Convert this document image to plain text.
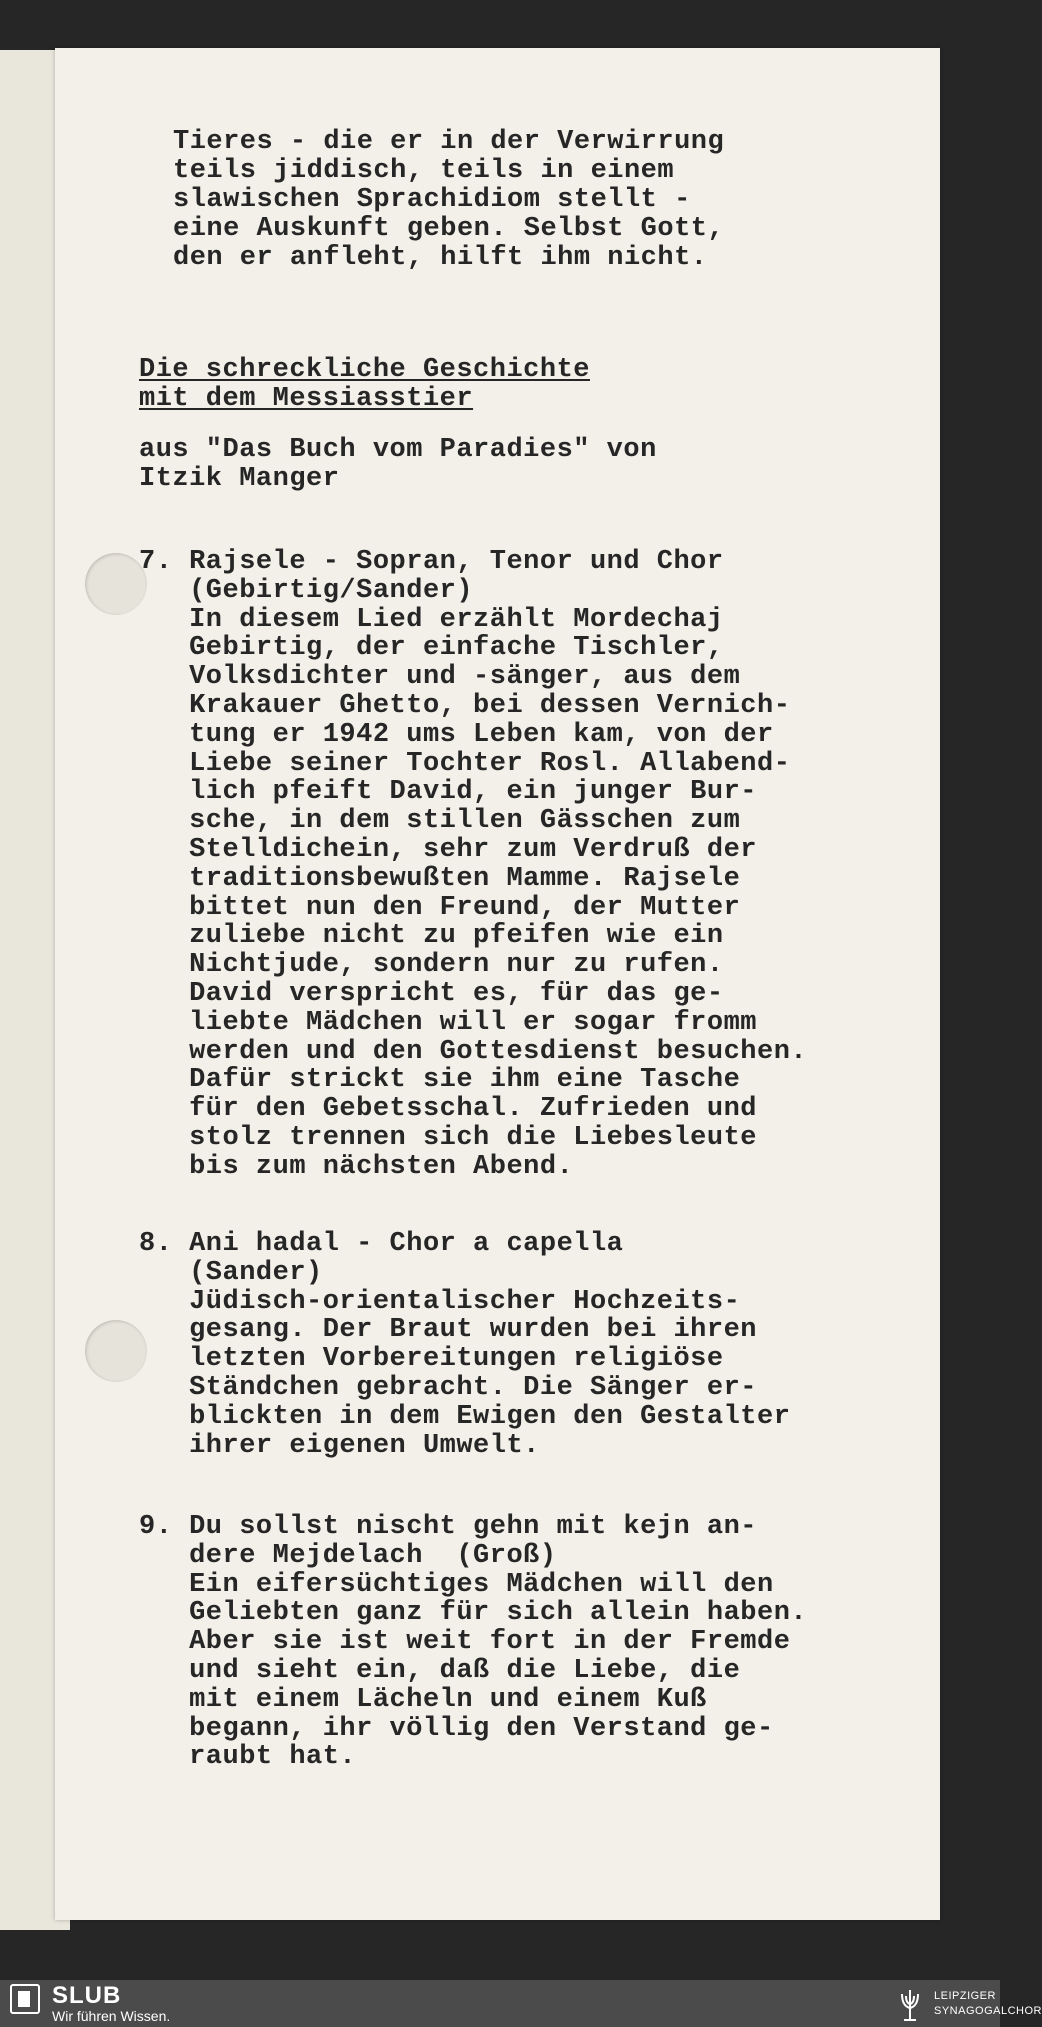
Tieres - die er in der Verwirrung
teils jiddisch, teils in einem
slawischen Sprachidiom stellt -
eine Auskunft geben. Selbst Gott,
den er anfleht, hilft ihm nicht.
Die schreckliche Geschichte
mit dem Messiasstier
aus "Das Buch vom Paradies" von
Itzik Manger
7. Rajsele - Sopran, Tenor und Chor
(Gebirtig/Sander)
In diesem Lied erzählt Mordechaj
Gebirtig, der einfache Tischler,
Volksdichter und -sänger, aus dem
Krakauer Ghetto, bei dessen Vernich-
tung er 1942 ums Leben kam, von der
Liebe seiner Tochter Rosl. Allabend-
lich pfeift David, ein junger Bur-
sche, in dem stillen Gässchen zum
Stelldichein, sehr zum Verdruß der
traditionsbewußten Mamme. Rajsele
bittet nun den Freund, der Mutter
zuliebe nicht zu pfeifen wie ein
Nichtjude, sondern nur zu rufen.
David verspricht es, für das ge-
liebte Mädchen will er sogar fromm
werden und den Gottesdienst besuchen.
Dafür strickt sie ihm eine Tasche
für den Gebetsschal. Zufrieden und
stolz trennen sich die Liebesleute
bis zum nächsten Abend.
8. Ani hadal - Chor a capella
(Sander)
Jüdisch-orientalischer Hochzeits-
gesang. Der Braut wurden bei ihren
letzten Vorbereitungen religiöse
Ständchen gebracht. Die Sänger er-
blickten in dem Ewigen den Gestalter
ihrer eigenen Umwelt.
9. Du sollst nischt gehn mit kejn an-
dere Mejdelach  (Groß)
Ein eifersüchtiges Mädchen will den
Geliebten ganz für sich allein haben.
Aber sie ist weit fort in der Fremde
und sieht ein, daß die Liebe, die
mit einem Lächeln und einem Kuß
begann, ihr völlig den Verstand ge-
raubt hat.
SLUB
Wir führen Wissen.
LEIPZIGER
SYNAGOGALCHOR
